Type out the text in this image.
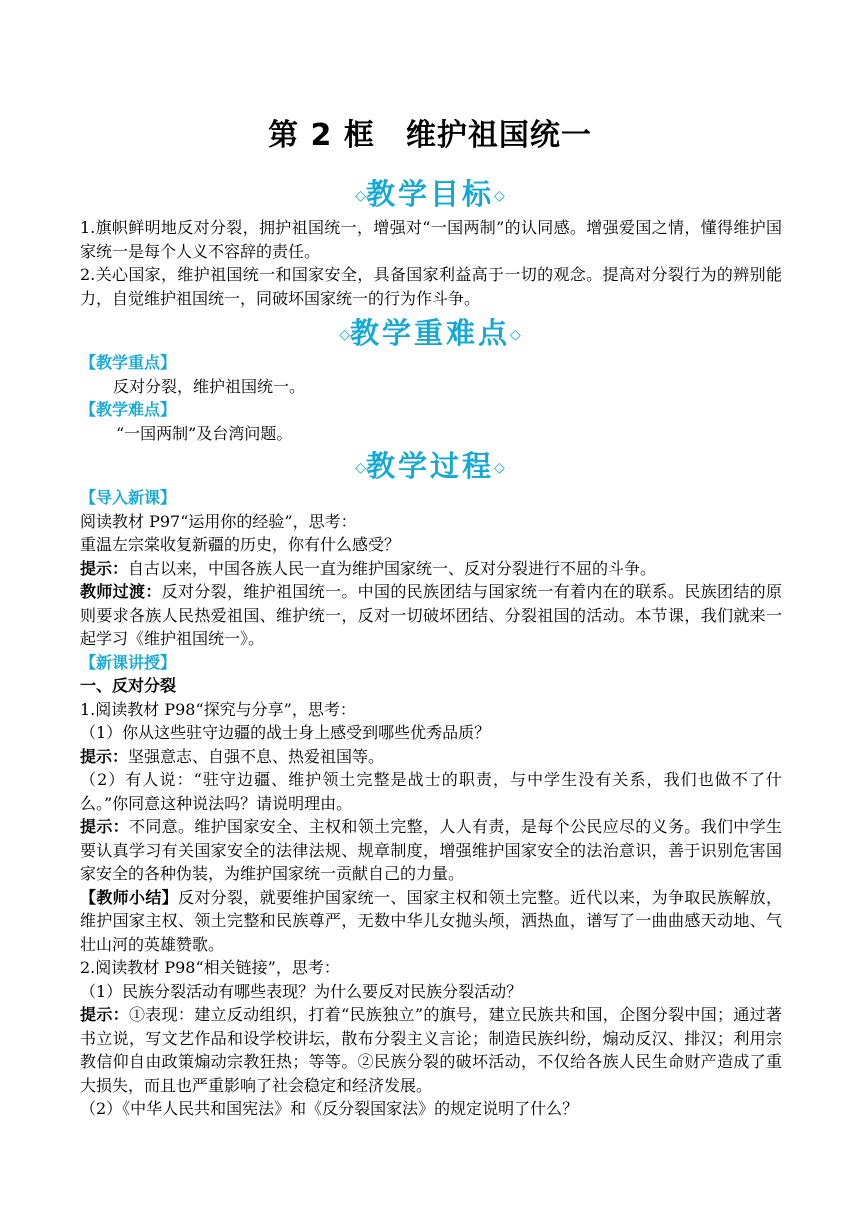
第 2 框　维护祖国统一
◇教学目标◇

1.旗帜鲜明地反对分裂，拥护祖国统一，增强对“一国两制”的认同感。增强爱国之情，懂得维护国家统一是每个人义不容辞的责任。

2.关心国家，维护祖国统一和国家安全，具备国家利益高于一切的观念。提高对分裂行为的辨别能力，自觉维护祖国统一，同破坏国家统一的行为作斗争。

◇教学重难点◇

【教学重点】

反对分裂，维护祖国统一。

【教学难点】

“一国两制”及台湾问题。

◇教学过程◇

【导入新课】

阅读教材 P97“运用你的经验”，思考：

重温左宗棠收复新疆的历史，你有什么感受？

提示：自古以来，中国各族人民一直为维护国家统一、反对分裂进行不屈的斗争。

教师过渡：反对分裂，维护祖国统一。中国的民族团结与国家统一有着内在的联系。民族团结的原则要求各族人民热爱祖国、维护统一，反对一切破坏团结、分裂祖国的活动。本节课，我们就来一起学习《维护祖国统一》。

【新课讲授】

一、反对分裂

1.阅读教材 P98“探究与分享”，思考：

（1）你从这些驻守边疆的战士身上感受到哪些优秀品质？

提示：坚强意志、自强不息、热爱祖国等。

（2）有人说：“驻守边疆、维护领土完整是战士的职责，与中学生没有关系，我们也做不了什么。”你同意这种说法吗？请说明理由。

提示：不同意。维护国家安全、主权和领土完整，人人有责，是每个公民应尽的义务。我们中学生要认真学习有关国家安全的法律法规、规章制度，增强维护国家安全的法治意识，善于识别危害国家安全的各种伪装，为维护国家统一贡献自己的力量。

【教师小结】反对分裂，就要维护国家统一、国家主权和领土完整。近代以来，为争取民族解放，维护国家主权、领土完整和民族尊严，无数中华儿女抛头颅，洒热血，谱写了一曲曲感天动地、气壮山河的英雄赞歌。

2.阅读教材 P98“相关链接”，思考：

（1）民族分裂活动有哪些表现？为什么要反对民族分裂活动？

提示：①表现：建立反动组织，打着“民族独立”的旗号，建立民族共和国，企图分裂中国；通过著书立说，写文艺作品和设学校讲坛，散布分裂主义言论；制造民族纠纷，煽动反汉、排汉；利用宗教信仰自由政策煽动宗教狂热；等等。②民族分裂的破坏活动，不仅给各族人民生命财产造成了重大损失，而且也严重影响了社会稳定和经济发展。

（2）《中华人民共和国宪法》和《反分裂国家法》的规定说明了什么？
